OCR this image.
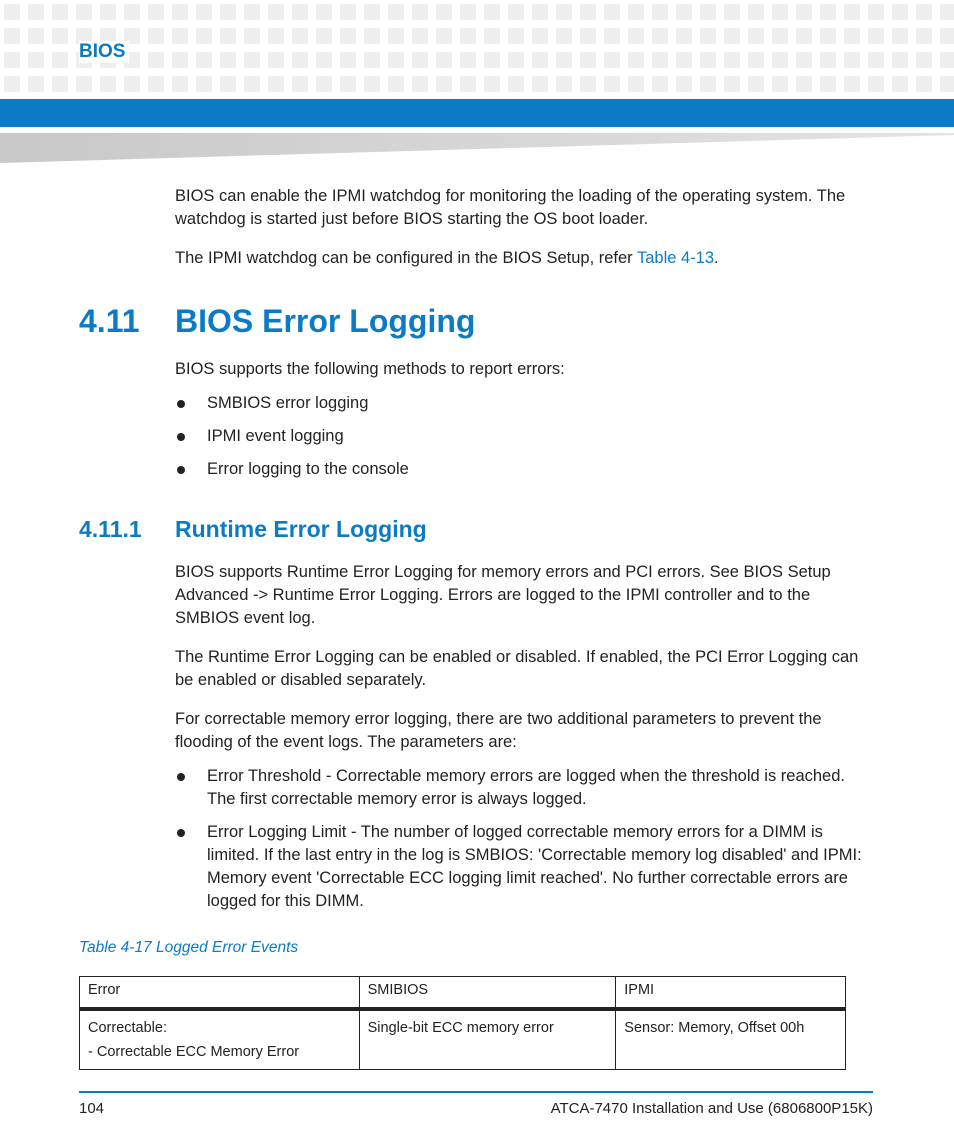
BIOS

BIOS can enable the IPMI watchdog for monitoring the loading of the operating system. The watchdog is started just before BIOS starting the OS boot loader.

The IPMI watchdog can be configured in the BIOS Setup, refer Table 4-13.

4.11 BIOS Error Logging
BIOS supports the following methods to report errors:
SMBIOS error logging
IPMI event logging
Error logging to the console
4.11.1 Runtime Error Logging

BIOS supports Runtime Error Logging for memory errors and PCI errors. See BIOS Setup Advanced -> Runtime Error Logging. Errors are logged to the IPMI controller and to the SMBIOS event log.

The Runtime Error Logging can be enabled or disabled. If enabled, the PCI Error Logging can be enabled or disabled separately.

For correctable memory error logging, there are two additional parameters to prevent the flooding of the event logs. The parameters are:

Error Threshold - Correctable memory errors are logged when the threshold is reached. The first correctable memory error is always logged.
Error Logging Limit - The number of logged correctable memory errors for a DIMM is limited. If the last entry in the log is SMBIOS: 'Correctable memory log disabled' and IPMI: Memory event 'Correctable ECC logging limit reached'. No further correctable errors are logged for this DIMM.
Table 4-17 Logged Error Events
Error	SMIBIOS	IPMI

Correctable:
- Correctable ECC Memory Error	Single-bit ECC memory error	Sensor: Memory, Offset 00h
104	ATCA-7470 Installation and Use (6806800P15K)
